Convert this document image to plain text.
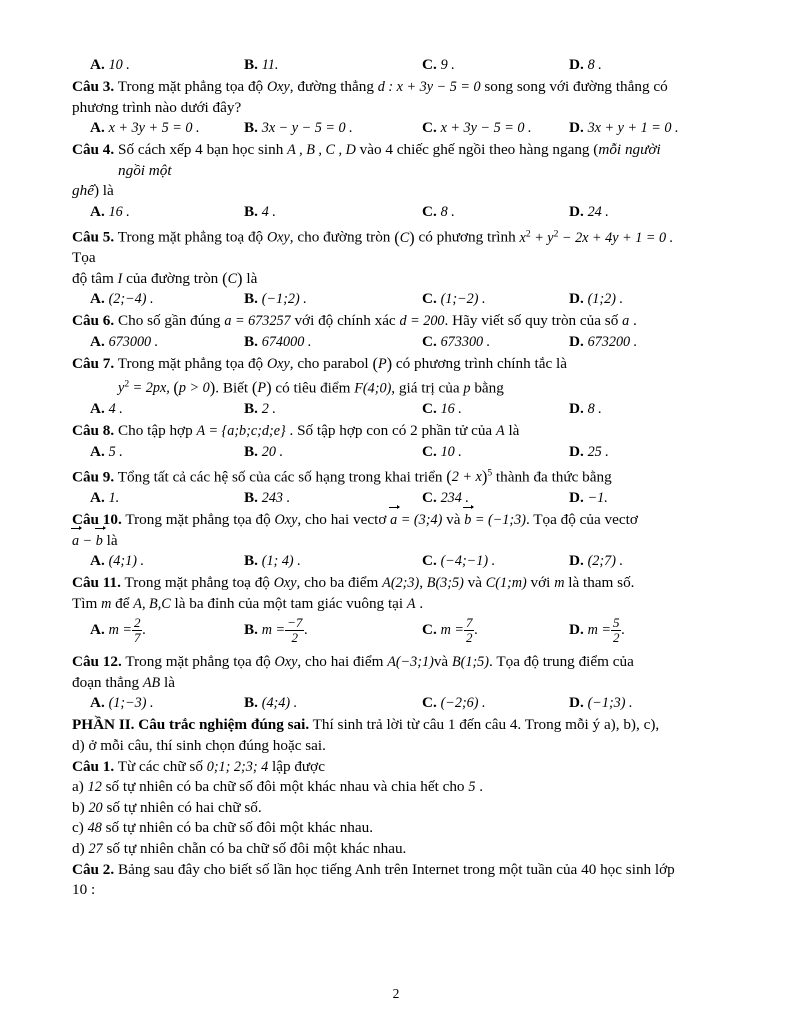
A. 10 .	B. 11.	C. 9 .	D. 8 .
Câu 3. Trong mặt phẳng tọa độ Oxy, đường thẳng d : x + 3y − 5 = 0 song song với đường thẳng có
phương trình nào dưới đây?
A. x + 3y + 5 = 0 .	B. 3x − y − 5 = 0 .	C. x + 3y − 5 = 0 . D. 3x + y + 1 = 0 .
Câu 4. Số cách xếp 4 bạn học sinh A , B , C , D vào 4 chiếc ghế ngồi theo hàng ngang (mỗi người
ngồi một
ghế) là
A. 16 .	B. 4 .	C. 8 .	D. 24 .
Câu 5. Trong mặt phẳng toạ độ Oxy, cho đường tròn (C) có phương trình $x^2 + y^2 - 2x + 4y + 1 = 0$ .
Tọa
độ tâm I của đường tròn (C) là
A. (2;−4) .	B. (−1;2) .	C. (1;−2) .	D. (1;2) .
Câu 6. Cho số gần đúng a = 673257 với độ chính xác d = 200. Hãy viết số quy tròn của số a .
A. 673000 .	B. 674000 .	C. 673300 .	D. 673200 .
Câu 7. Trong mặt phẳng tọa độ Oxy, cho parabol (P) có phương trình chính tắc là
$y^2 = 2px$, (p > 0). Biết (P) có tiêu điểm F(4;0), giá trị của p bằng
A. 4 .	B. 2 .	C. 16 .	D. 8 .
Câu 8. Cho tập hợp A = {a;b;c;d;e} . Số tập hợp con có 2 phần tử của A là
A. 5 .	B. 20 .	C. 10 .	D. 25 .
Câu 9. Tổng tất cả các hệ số của các số hạng trong khai triển $(2 + x)^5$ thành đa thức bằng
A. 1.	B. 243 .	C. 234 .	D. −1.
Câu 10. Trong mặt phẳng tọa độ Oxy, cho hai vectơ a = (3;4) và b = (−1;3). Tọa độ của vectơ
a − b là
A. (4;1) .	B. (1; 4) .	C. (−4;−1) .	D. (2;7) .
Câu 11. Trong mặt phẳng toạ độ Oxy, cho ba điểm A(2;3), B(3;5) và C(1;m) với m là tham số.
Tìm m để A, B,C là ba đỉnh của một tam giác vuông tại A .
A. $m = \frac{2}{7}$ .	B. $m = \frac{-7}{2}$ .	C. $m = \frac{7}{2}$ .	D. $m = \frac{5}{2}$ .
Câu 12. Trong mặt phẳng tọa độ Oxy, cho hai điểm A(−3;1)và B(1;5). Tọa độ trung điểm của
đoạn thẳng AB là
A. (1;−3) .	B. (4;4) .	C. (−2;6) .	D. (−1;3) .
PHẦN II. Câu trắc nghiệm đúng sai. Thí sinh trả lời từ câu 1 đến câu 4. Trong mỗi ý a), b), c),
d) ở mỗi câu, thí sinh chọn đúng hoặc sai.
Câu 1. Từ các chữ số 0;1; 2;3; 4 lập được
a) 12 số tự nhiên có ba chữ số đôi một khác nhau và chia hết cho 5 .
b) 20 số tự nhiên có hai chữ số.
c) 48 số tự nhiên có ba chữ số đôi một khác nhau.
d) 27 số tự nhiên chẵn có ba chữ số đôi một khác nhau.
Câu 2. Bảng sau đây cho biết số lần học tiếng Anh trên Internet trong một tuần của 40 học sinh lớp
10 :
2
